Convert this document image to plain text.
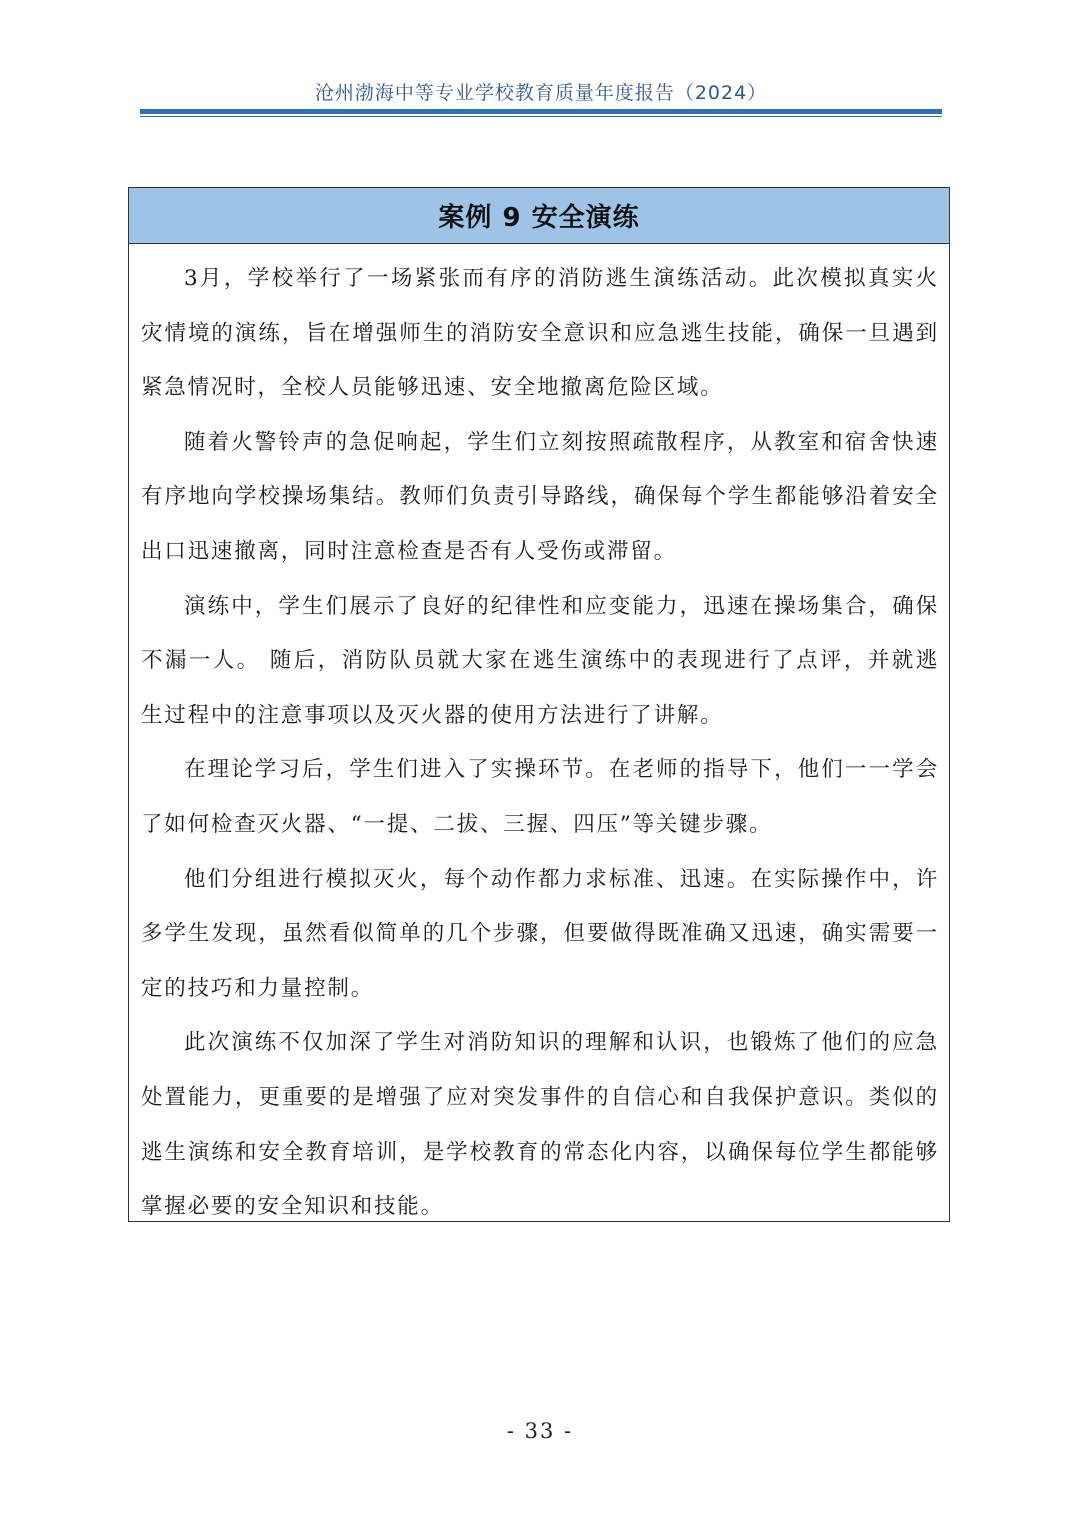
沧州渤海中等专业学校教育质量年度报告（2024）
案例 9 安全演练

3月，学校举行了一场紧张而有序的消防逃生演练活动。此次模拟真实火灾情境的演练，旨在增强师生的消防安全意识和应急逃生技能，确保一旦遇到紧急情况时，全校人员能够迅速、安全地撤离危险区域。

随着火警铃声的急促响起，学生们立刻按照疏散程序，从教室和宿舍快速有序地向学校操场集结。教师们负责引导路线，确保每个学生都能够沿着安全出口迅速撤离，同时注意检查是否有人受伤或滞留。

演练中，学生们展示了良好的纪律性和应变能力，迅速在操场集合，确保不漏一人。 随后，消防队员就大家在逃生演练中的表现进行了点评，并就逃生过程中的注意事项以及灭火器的使用方法进行了讲解。

在理论学习后，学生们进入了实操环节。在老师的指导下，他们一一学会了如何检查灭火器、“一提、二拔、三握、四压”等关键步骤。

他们分组进行模拟灭火，每个动作都力求标准、迅速。在实际操作中，许多学生发现，虽然看似简单的几个步骤，但要做得既准确又迅速，确实需要一定的技巧和力量控制。

此次演练不仅加深了学生对消防知识的理解和认识，也锻炼了他们的应急处置能力，更重要的是增强了应对突发事件的自信心和自我保护意识。类似的逃生演练和安全教育培训，是学校教育的常态化内容，以确保每位学生都能够掌握必要的安全知识和技能。

- 33 -
